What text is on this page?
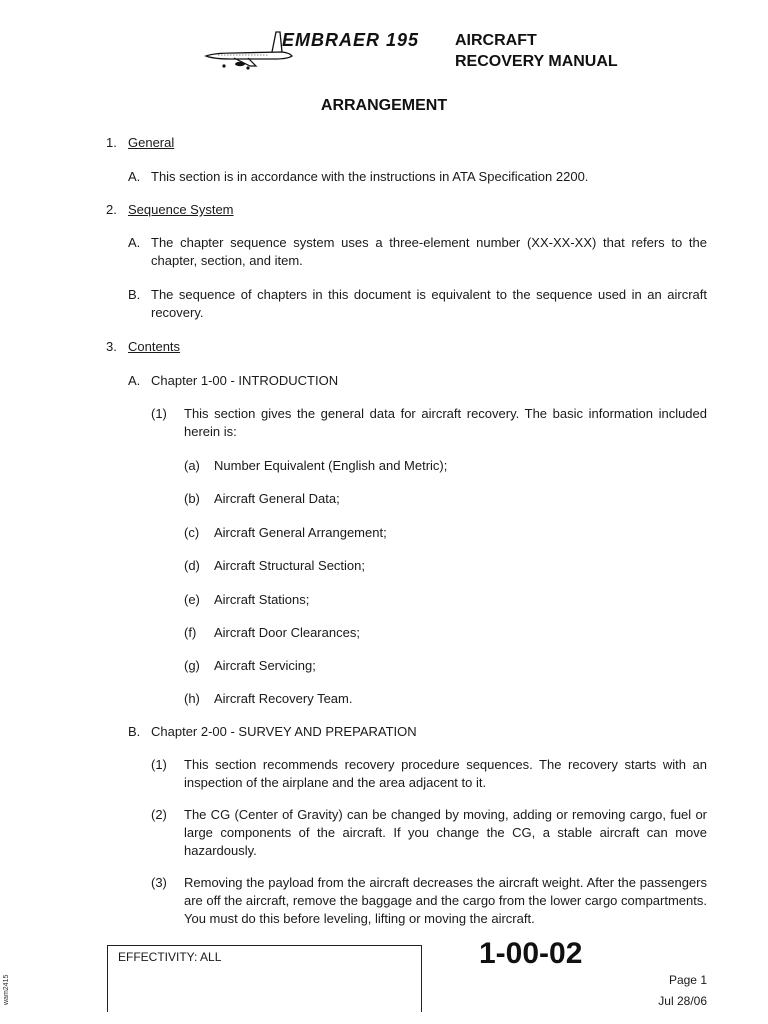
EMBRAER 195 AIRCRAFT
RECOVERY MANUAL
ARRANGEMENT
1. General
A. This section is in accordance with the instructions in ATA Specification 2200.
2. Sequence System
A. The chapter sequence system uses a three-element number (XX-XX-XX) that refers to the chapter, section, and item.
B. The sequence of chapters in this document is equivalent to the sequence used in an aircraft recovery.
3. Contents
A. Chapter 1-00 - INTRODUCTION
(1) This section gives the general data for aircraft recovery. The basic information included herein is:
(a) Number Equivalent (English and Metric);
(b) Aircraft General Data;
(c) Aircraft General Arrangement;
(d) Aircraft Structural Section;
(e) Aircraft Stations;
(f) Aircraft Door Clearances;
(g) Aircraft Servicing;
(h) Aircraft Recovery Team.
B. Chapter 2-00 - SURVEY AND PREPARATION
(1) This section recommends recovery procedure sequences. The recovery starts with an inspection of the airplane and the area adjacent to it.
(2) The CG (Center of Gravity) can be changed by moving, adding or removing cargo, fuel or large components of the aircraft. If you change the CG, a stable aircraft can move hazardously.
(3) Removing the payload from the aircraft decreases the aircraft weight. After the passengers are off the aircraft, remove the baggage and the cargo from the lower cargo compartments. You must do this before leveling, lifting or moving the aircraft.
EFFECTIVITY: ALL	1-00-02
Page 1
Jul 28/06
wam2415
